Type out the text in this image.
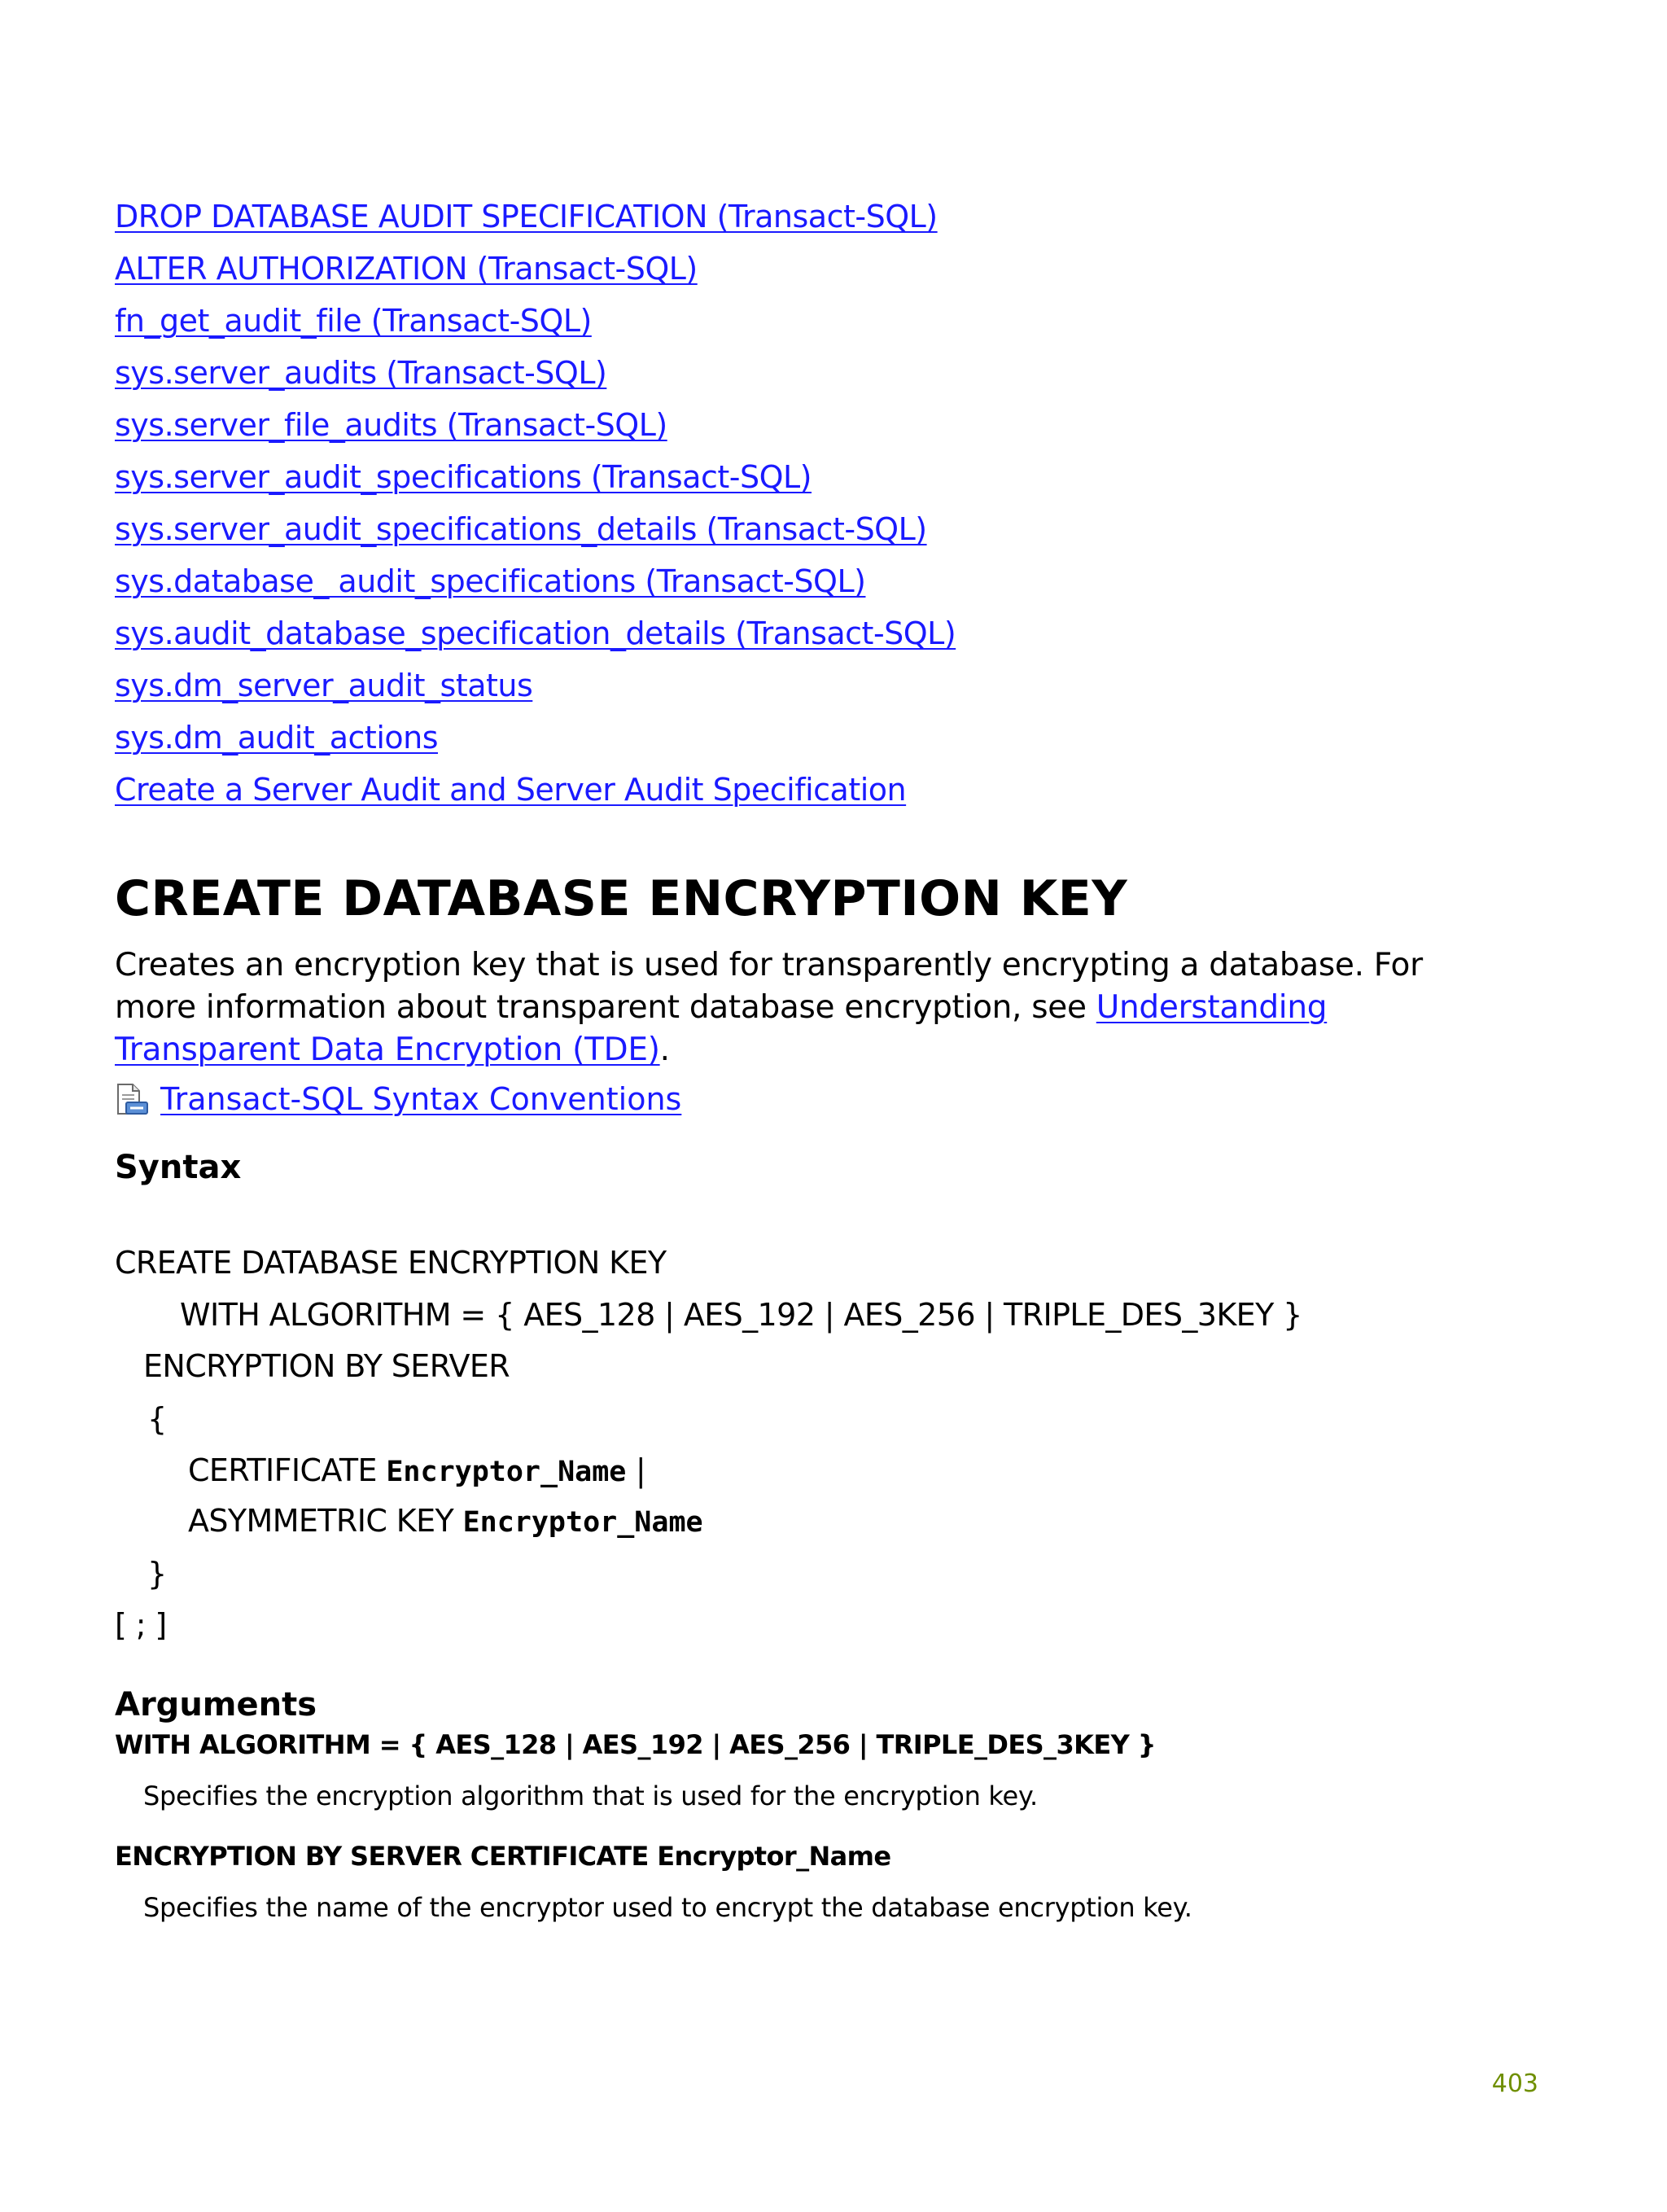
DROP DATABASE AUDIT SPECIFICATION (Transact-SQL)
ALTER AUTHORIZATION (Transact-SQL)
fn_get_audit_file (Transact-SQL)
sys.server_audits (Transact-SQL)
sys.server_file_audits (Transact-SQL)
sys.server_audit_specifications (Transact-SQL)
sys.server_audit_specifications_details (Transact-SQL)
sys.database_ audit_specifications (Transact-SQL)
sys.audit_database_specification_details (Transact-SQL)
sys.dm_server_audit_status
sys.dm_audit_actions
Create a Server Audit and Server Audit Specification
CREATE DATABASE ENCRYPTION KEY

Creates an encryption key that is used for transparently encrypting a database. For more information about transparent database encryption, see Understanding Transparent Data Encryption (TDE).

Transact-SQL Syntax Conventions
Syntax
CREATE DATABASE ENCRYPTION KEY
WITH ALGORITHM = { AES_128 | AES_192 | AES_256 | TRIPLE_DES_3KEY }
ENCRYPTION BY SERVER
{
CERTIFICATE Encryptor_Name |
ASYMMETRIC KEY Encryptor_Name
}
[ ; ]
Arguments
WITH ALGORITHM = { AES_128 | AES_192 | AES_256 | TRIPLE_DES_3KEY }
Specifies the encryption algorithm that is used for the encryption key.
ENCRYPTION BY SERVER CERTIFICATE Encryptor_Name
Specifies the name of the encryptor used to encrypt the database encryption key.
403
